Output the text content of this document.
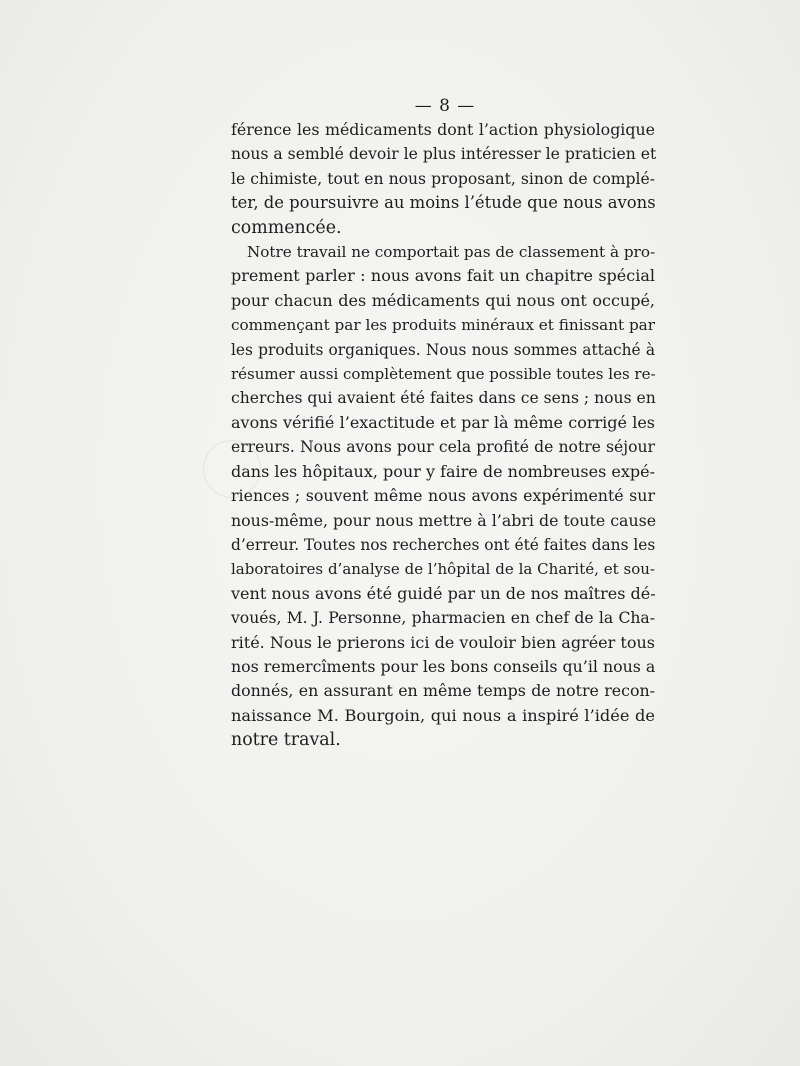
— 8 —
férence les médicaments dont l’action physiologique
nous a semblé devoir le plus intéresser le praticien et
le chimiste, tout en nous proposant, sinon de complé-
ter, de poursuivre au moins l’étude que nous avons
commencée.
Notre travail ne comportait pas de classement à pro-
prement parler : nous avons fait un chapitre spécial
pour chacun des médicaments qui nous ont occupé,
commençant par les produits minéraux et finissant par
les produits organiques. Nous nous sommes attaché à
résumer aussi complètement que possible toutes les re-
cherches qui avaient été faites dans ce sens ; nous en
avons vérifié l’exactitude et par là même corrigé les
erreurs. Nous avons pour cela profité de notre séjour
dans les hôpitaux, pour y faire de nombreuses expé-
riences ; souvent même nous avons expérimenté sur
nous-même, pour nous mettre à l’abri de toute cause
d’erreur. Toutes nos recherches ont été faites dans les
laboratoires d’analyse de l’hôpital de la Charité, et sou-
vent nous avons été guidé par un de nos maîtres dé-
voués, M. J. Personne, pharmacien en chef de la Cha-
rité. Nous le prierons ici de vouloir bien agréer tous
nos remercîments pour les bons conseils qu’il nous a
donnés, en assurant en même temps de notre recon-
naissance M. Bourgoin, qui nous a inspiré l’idée de
notre traval.
